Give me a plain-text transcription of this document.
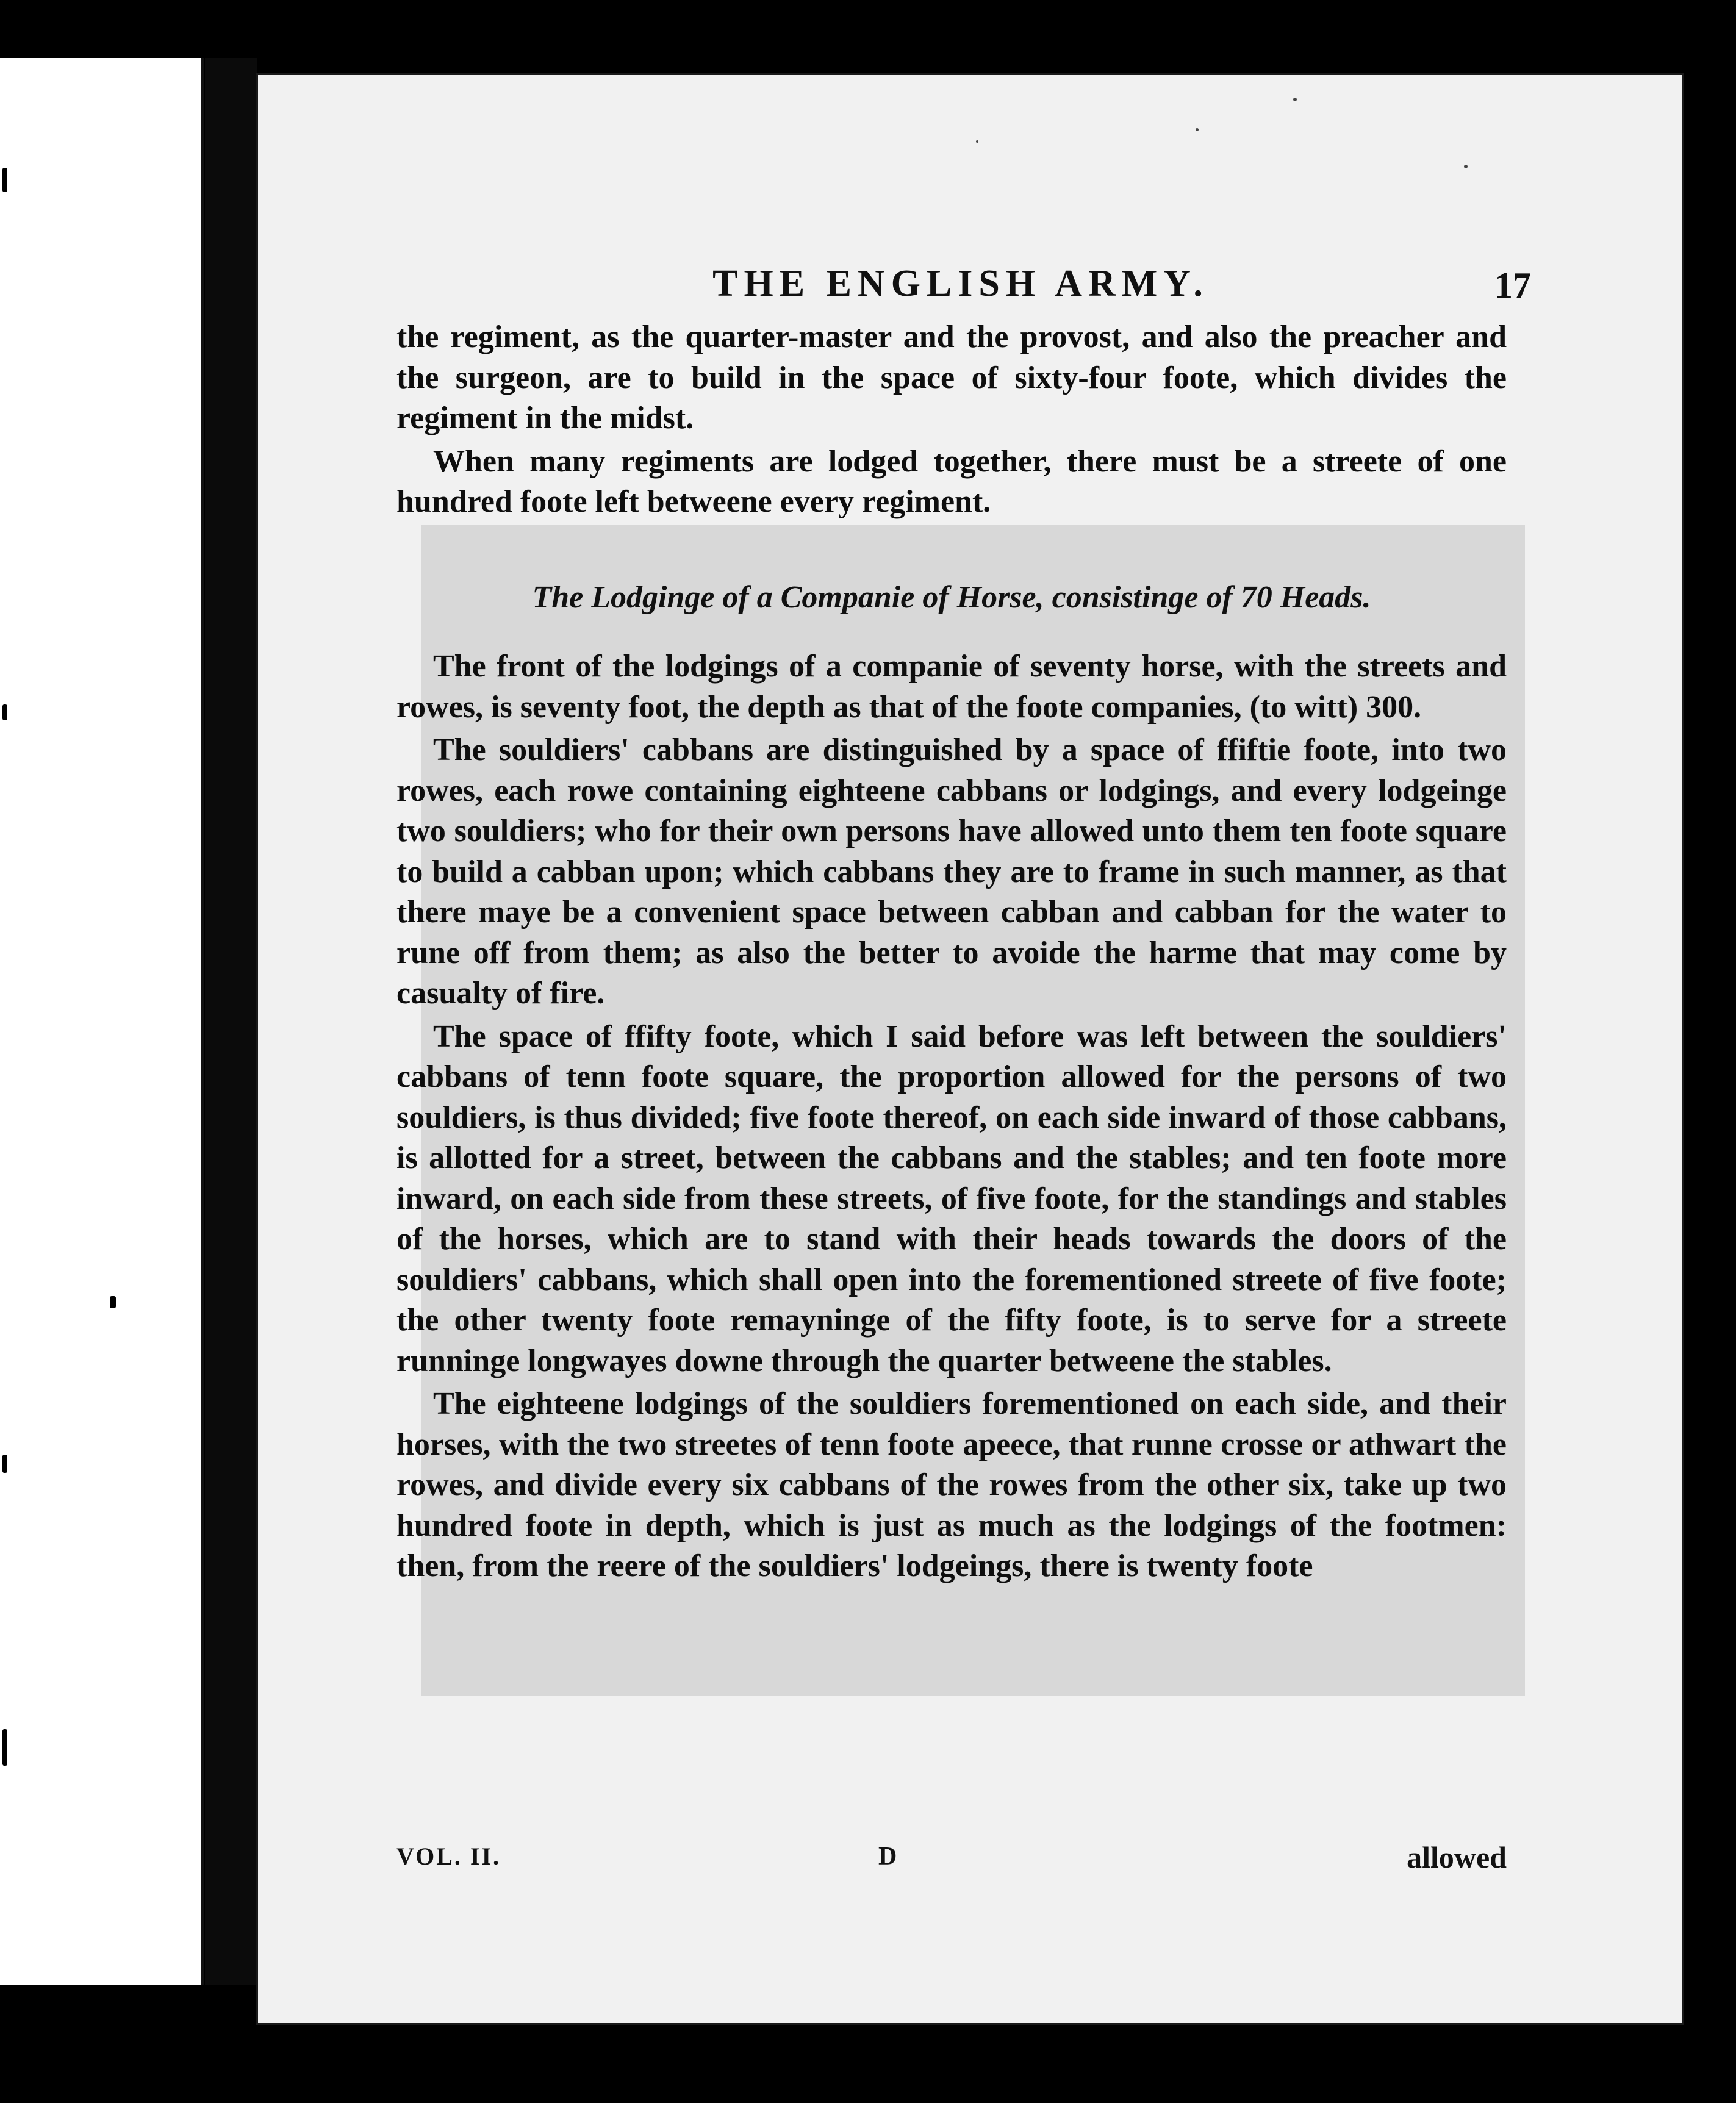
THE ENGLISH ARMY.	17

the regiment, as the quarter-master and the provost, and also the preacher and the surgeon, are to build in the space of sixty-four foote, which divides the regiment in the midst.

When many regiments are lodged together, there must be a streete of one hundred foote left betweene every regiment.

The Lodginge of a Companie of Horse, consistinge of 70 Heads.

The front of the lodgings of a companie of seventy horse, with the streets and rowes, is seventy foot, the depth as that of the foote companies, (to witt) 300.

The souldiers' cabbans are distinguished by a space of ffiftie foote, into two rowes, each rowe containing eighteene cabbans or lodgings, and every lodgeinge two souldiers; who for their own persons have allowed unto them ten foote square to build a cabban upon; which cabbans they are to frame in such manner, as that there maye be a convenient space between cabban and cabban for the water to rune off from them; as also the better to avoide the harme that may come by casualty of fire.

The space of ffifty foote, which I said before was left between the souldiers' cabbans of tenn foote square, the proportion allowed for the persons of two souldiers, is thus divided; five foote thereof, on each side inward of those cabbans, is allotted for a street, between the cabbans and the stables; and ten foote more inward, on each side from these streets, of five foote, for the standings and stables of the horses, which are to stand with their heads towards the doors of the souldiers' cabbans, which shall open into the forementioned streete of five foote; the other twenty foote remayninge of the fifty foote, is to serve for a streete runninge longwayes downe through the quarter betweene the stables.

The eighteene lodgings of the souldiers forementioned on each side, and their horses, with the two streetes of tenn foote apeece, that runne crosse or athwart the rowes, and divide every six cabbans of the rowes from the other six, take up two hundred foote in depth, which is just as much as the lodgings of the footmen: then, from the reere of the souldiers' lodgeings, there is twenty foote

VOL. II.	D	allowed
